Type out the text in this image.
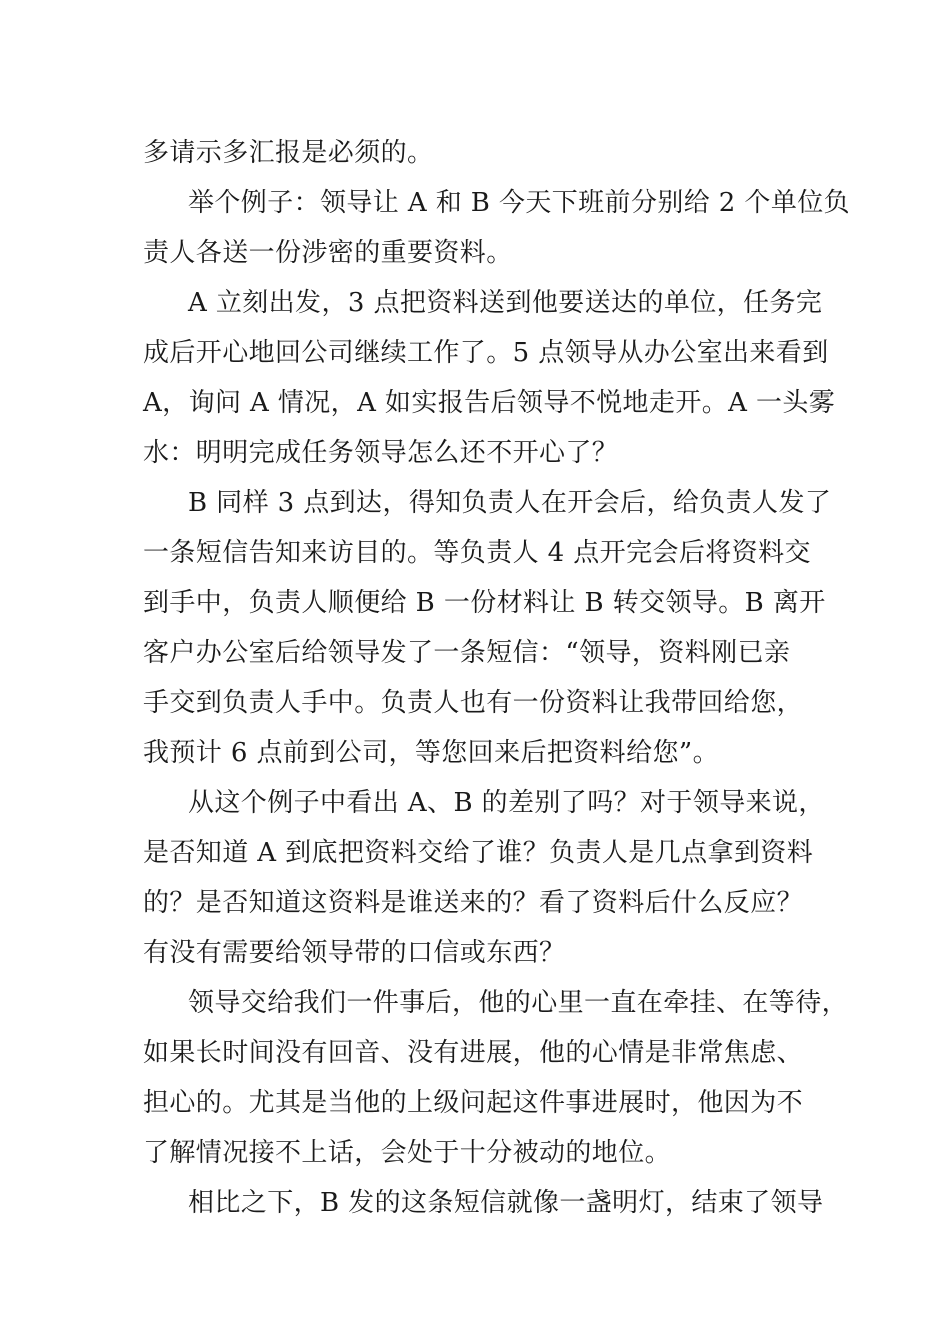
多请示多汇报是必须的。
举个例子：领导让 A 和 B 今天下班前分别给 2 个单位负
责人各送一份涉密的重要资料。
A 立刻出发，3 点把资料送到他要送达的单位，任务完
成后开心地回公司继续工作了。5 点领导从办公室出来看到
A，询问 A 情况，A 如实报告后领导不悦地走开。A 一头雾
水：明明完成任务领导怎么还不开心了？
B 同样 3 点到达，得知负责人在开会后，给负责人发了
一条短信告知来访目的。等负责人 4 点开完会后将资料交
到手中，负责人顺便给 B 一份材料让 B 转交领导。B 离开
客户办公室后给领导发了一条短信：“领导，资料刚已亲
手交到负责人手中。负责人也有一份资料让我带回给您，
我预计 6 点前到公司，等您回来后把资料给您”。
从这个例子中看出 A、B 的差别了吗？对于领导来说，
是否知道 A 到底把资料交给了谁？负责人是几点拿到资料
的？是否知道这资料是谁送来的？看了资料后什么反应？
有没有需要给领导带的口信或东西？
领导交给我们一件事后，他的心里一直在牵挂、在等待，
如果长时间没有回音、没有进展，他的心情是非常焦虑、
担心的。尤其是当他的上级问起这件事进展时，他因为不
了解情况接不上话，会处于十分被动的地位。
相比之下，B 发的这条短信就像一盏明灯，结束了领导
